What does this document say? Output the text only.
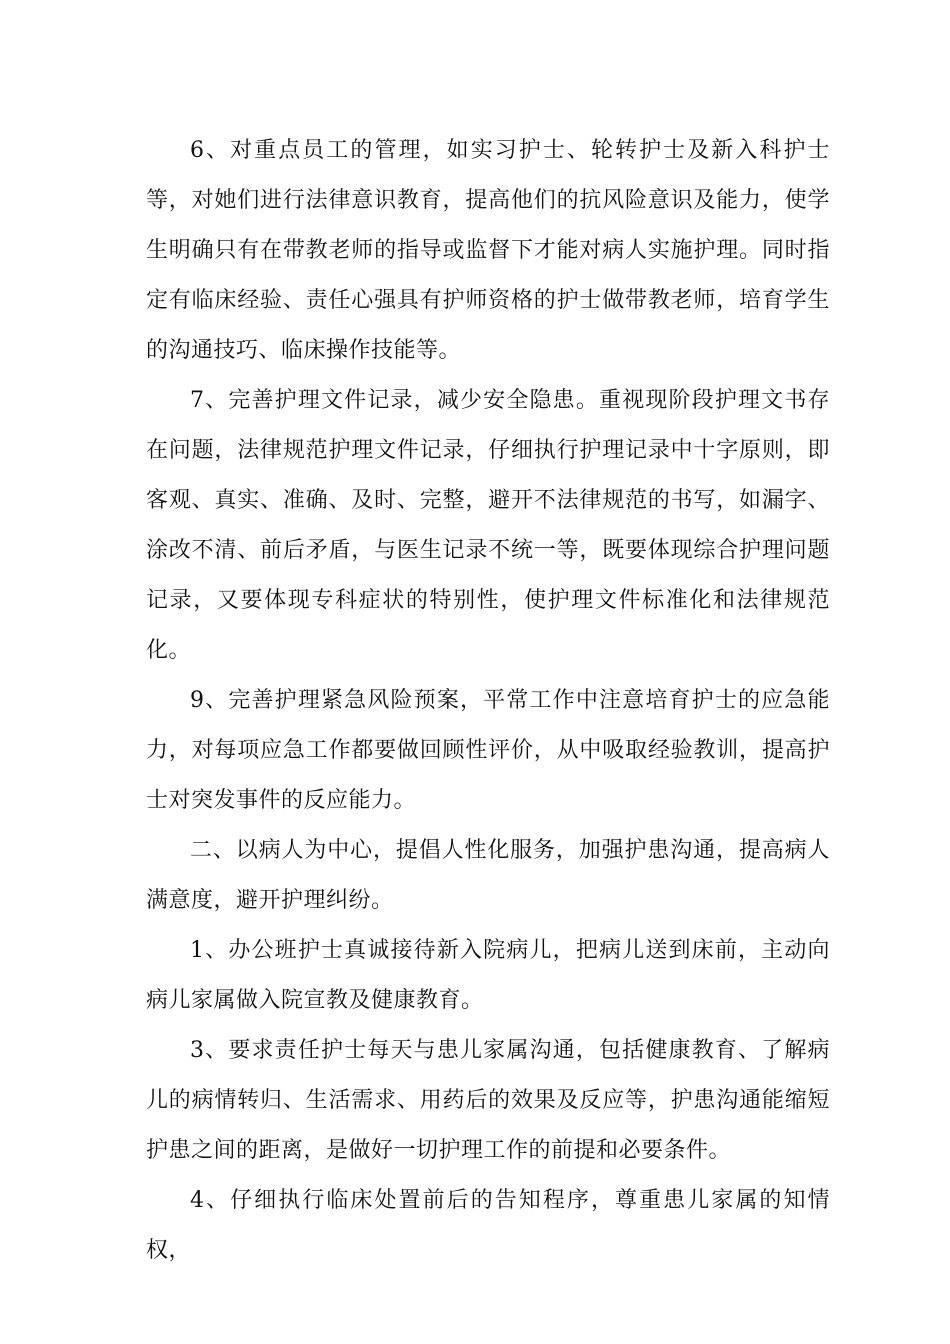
6、对重点员工的管理，如实习护士、轮转护士及新入科护士等，对她们进行法律意识教育，提高他们的抗风险意识及能力，使学生明确只有在带教老师的指导或监督下才能对病人实施护理。同时指定有临床经验、责任心强具有护师资格的护士做带教老师，培育学生的沟通技巧、临床操作技能等。

7、完善护理文件记录，减少安全隐患。重视现阶段护理文书存在问题，法律规范护理文件记录，仔细执行护理记录中十字原则，即客观、真实、准确、及时、完整，避开不法律规范的书写，如漏字、涂改不清、前后矛盾，与医生记录不统一等，既要体现综合护理问题记录，又要体现专科症状的特别性，使护理文件标准化和法律规范化。

9、完善护理紧急风险预案，平常工作中注意培育护士的应急能力，对每项应急工作都要做回顾性评价，从中吸取经验教训，提高护士对突发事件的反应能力。

二、以病人为中心，提倡人性化服务，加强护患沟通，提高病人满意度，避开护理纠纷。

1、办公班护士真诚接待新入院病儿，把病儿送到床前，主动向病儿家属做入院宣教及健康教育。

3、要求责任护士每天与患儿家属沟通，包括健康教育、了解病儿的病情转归、生活需求、用药后的效果及反应等，护患沟通能缩短护患之间的距离，是做好一切护理工作的前提和必要条件。

4、仔细执行临床处置前后的告知程序，尊重患儿家属的知情权，
